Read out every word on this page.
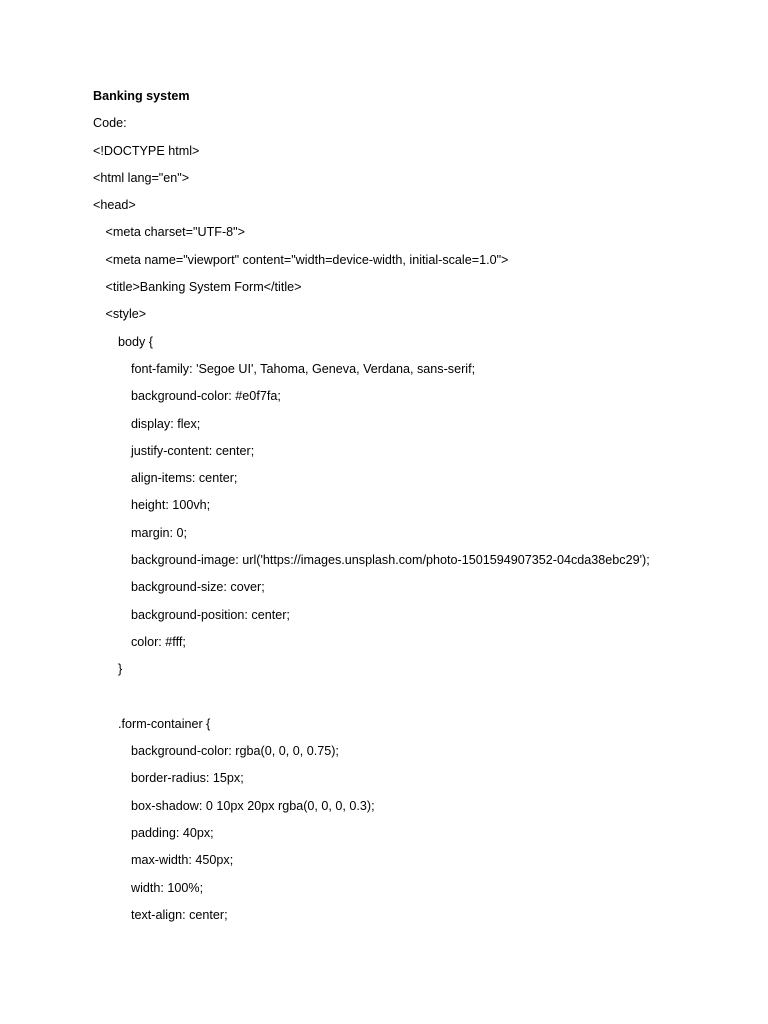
Banking system
Code:
<!DOCTYPE html>
<html lang="en">
<head>
<meta charset="UTF-8">
<meta name="viewport" content="width=device-width, initial-scale=1.0">
<title>Banking System Form</title>
<style>
body {
font-family: 'Segoe UI', Tahoma, Geneva, Verdana, sans-serif;
background-color: #e0f7fa;
display: flex;
justify-content: center;
align-items: center;
height: 100vh;
margin: 0;
background-image: url('https://images.unsplash.com/photo-1501594907352-04cda38ebc29');
background-size: cover;
background-position: center;
color: #fff;
}
.form-container {
background-color: rgba(0, 0, 0, 0.75);
border-radius: 15px;
box-shadow: 0 10px 20px rgba(0, 0, 0, 0.3);
padding: 40px;
max-width: 450px;
width: 100%;
text-align: center;
